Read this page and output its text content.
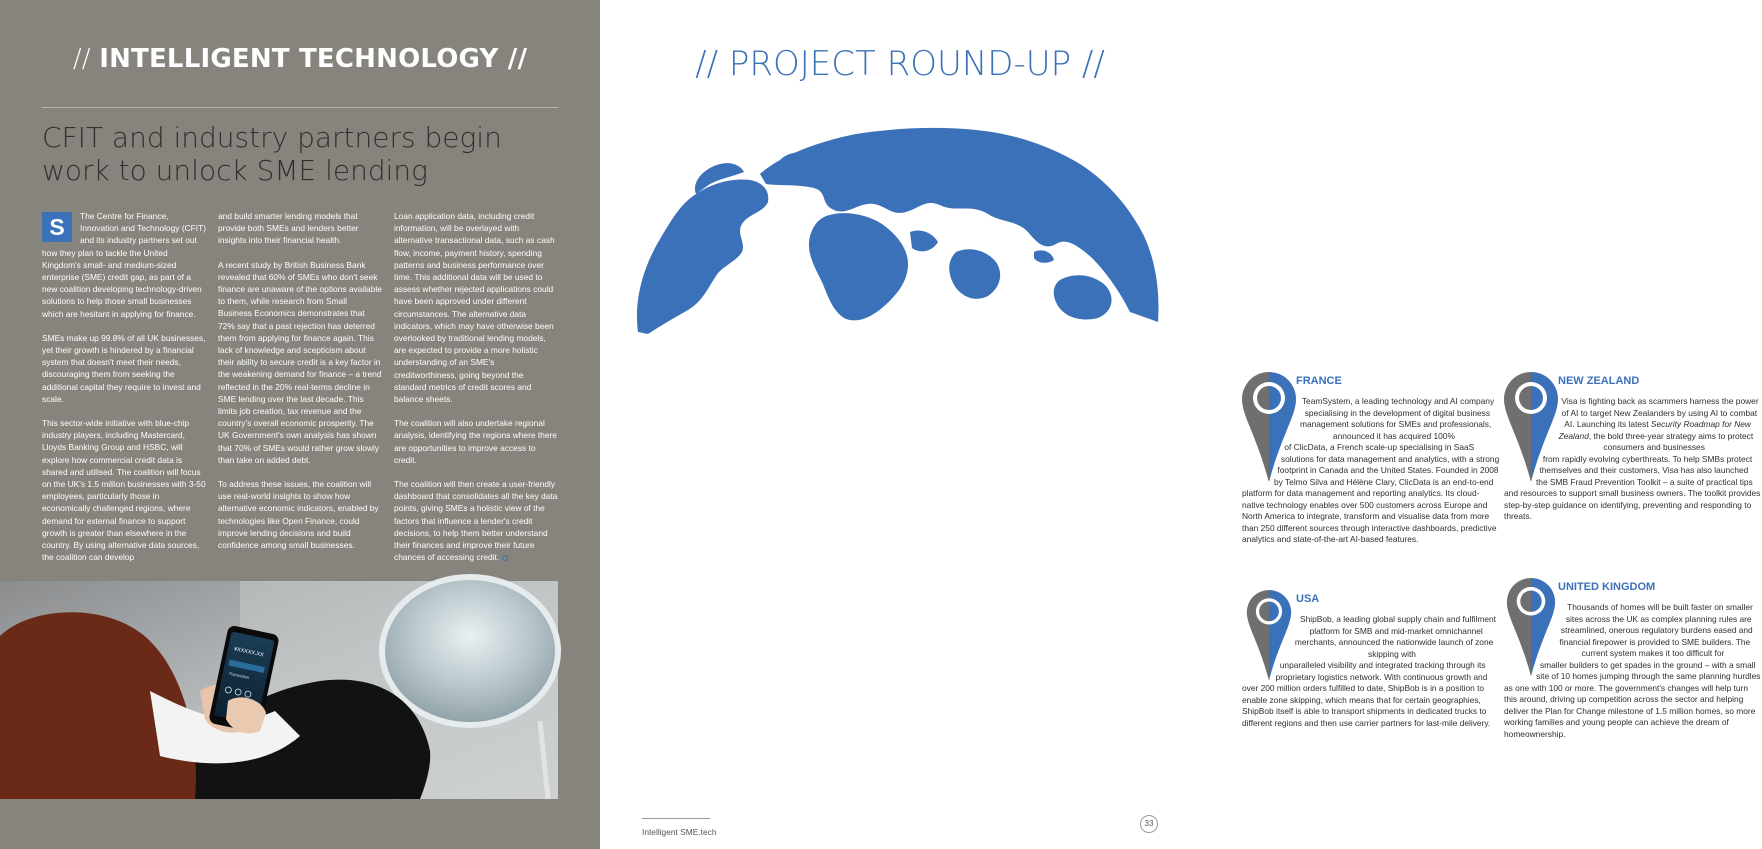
// INTELLIGENT TECHNOLOGY //
CFIT and industry partners begin work to unlock SME lending

S	The Centre for Finance, Innovation and Technology (CFIT) and its industry partners set out how they plan to tackle the United Kingdom's small- and medium-sized enterprise (SME) credit gap, as part of a new coalition developing technology-driven solutions to help those small businesses which are hesitant in applying for finance.

SMEs make up 99.8% of all UK businesses, yet their growth is hindered by a financial system that doesn't meet their needs, discouraging them from seeking the additional capital they require to invest and scale.

This sector-wide initiative with blue-chip industry players, including Mastercard, Lloyds Banking Group and HSBC, will explore how commercial credit data is shared and utilised. The coalition will focus on the UK's 1.5 million businesses with 3-50 employees, particularly those in economically challenged regions, where demand for external finance to support growth is greater than elsewhere in the country. By using alternative data sources, the coalition can develop

and build smarter lending models that provide both SMEs and lenders better insights into their financial health.

A recent study by British Business Bank revealed that 60% of SMEs who don't seek finance are unaware of the options available to them, while research from Small Business Economics demonstrates that 72% say that a past rejection has deterred them from applying for finance again. This lack of knowledge and scepticism about their ability to secure credit is a key factor in the weakening demand for finance – a trend reflected in the 20% real-terms decline in SME lending over the last decade. This limits job creation, tax revenue and the country's overall economic prosperity. The UK Government's own analysis has shown that 70% of SMEs would rather grow slowly than take on added debt.

To address these issues, the coalition will use real-world insights to show how alternative economic indicators, enabled by technologies like Open Finance, could improve lending decisions and build confidence among small businesses.

Loan application data, including credit information, will be overlayed with alternative transactional data, such as cash flow, income, payment history, spending patterns and business performance over time. This additional data will be used to assess whether rejected applications could have been approved under different circumstances. The alternative data indicators, which may have otherwise been overlooked by traditional lending models, are expected to provide a more holistic understanding of an SME's creditworthiness, going beyond the standard metrics of credit scores and balance sheets.

The coalition will also undertake regional analysis, identifying the regions where there are opportunities to improve access to credit.

The coalition will then create a user-friendly dashboard that consolidates all the key data points, giving SMEs a holistic view of the factors that influence a lender's credit decisions, to help them better understand their finances and improve their future chances of accessing credit.

¥XXXXX.XX
Transaction
// PROJECT ROUND-UP //
FRANCE
TeamSystem, a leading technology and AI company specialising in the development of digital business management solutions for SMEs and professionals, announced it has acquired 100%
of ClicData, a French scale-up specialising in SaaS solutions for data management and analytics, with a strong footprint in Canada and the United States. Founded in 2008 by Telmo Silva and Hélène Clary, ClicData is an end-to-end platform for data management and reporting analytics. Its cloud-native technology enables over 500 customers across Europe and North America to integrate, transform and visualise data from more than 250 different sources through interactive dashboards, predictive analytics and state-of-the-art AI-based features.
NEW ZEALAND
Visa is fighting back as scammers harness the power of AI to target New Zealanders by using AI to combat AI. Launching its latest Security Roadmap for New Zealand, the bold three-year strategy aims to protect consumers and businesses
from rapidly evolving cyberthreats. To help SMBs protect themselves and their customers, Visa has also launched the SMB Fraud Prevention Toolkit – a suite of practical tips and resources to support small business owners. The toolkit provides step-by-step guidance on identifying, preventing and responding to threats.
USA
ShipBob, a leading global supply chain and fulfilment platform for SMB and mid-market omnichannel merchants, announced the nationwide launch of zone skipping with
unparalleled visibility and integrated tracking through its proprietary logistics network. With continuous growth and over 200 million orders fulfilled to date, ShipBob is in a position to enable zone skipping, which means that for certain geographies, ShipBob itself is able to transport shipments in dedicated trucks to different regions and then use carrier partners for last-mile delivery.
UNITED KINGDOM
Thousands of homes will be built faster on smaller sites across the UK as complex planning rules are streamlined, onerous regulatory burdens eased and financial firepower is provided to SME builders. The current system makes it too difficult for
smaller builders to get spades in the ground – with a small site of 10 homes jumping through the same planning hurdles as one with 100 or more. The government's changes will help turn this around, driving up competition across the sector and helping deliver the Plan for Change milestone of 1.5 million homes, so more working families and young people can achieve the dream of homeownership.
Intelligent SME.tech
33
